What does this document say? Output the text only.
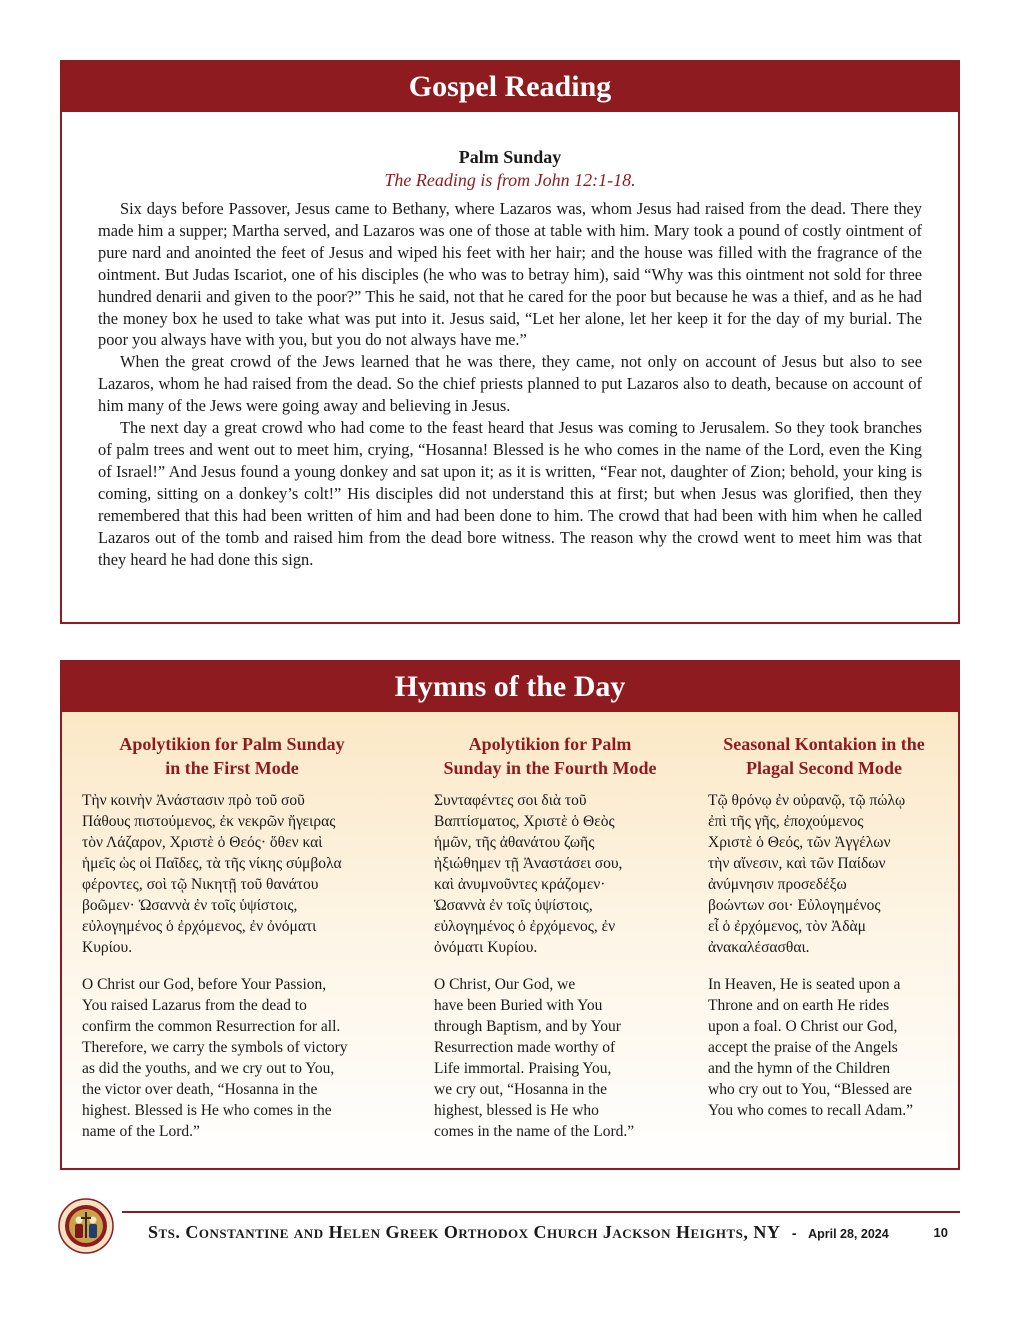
Gospel Reading
Palm Sunday
The Reading is from John 12:1-18.

Six days before Passover, Jesus came to Bethany, where Lazaros was, whom Jesus had raised from the dead. There they made him a supper; Martha served, and Lazaros was one of those at table with him. Mary took a pound of costly ointment of pure nard and anointed the feet of Jesus and wiped his feet with her hair; and the house was filled with the fragrance of the ointment. But Judas Iscariot, one of his disciples (he who was to betray him), said “Why was this ointment not sold for three hundred denarii and given to the poor?” This he said, not that he cared for the poor but because he was a thief, and as he had the money box he used to take what was put into it. Jesus said, “Let her alone, let her keep it for the day of my burial. The poor you always have with you, but you do not always have me.”

When the great crowd of the Jews learned that he was there, they came, not only on account of Jesus but also to see Lazaros, whom he had raised from the dead. So the chief priests planned to put Lazaros also to death, because on account of him many of the Jews were going away and believing in Jesus.

The next day a great crowd who had come to the feast heard that Jesus was coming to Jerusalem. So they took branches of palm trees and went out to meet him, crying, “Hosanna! Blessed is he who comes in the name of the Lord, even the King of Israel!” And Jesus found a young donkey and sat upon it; as it is written, “Fear not, daughter of Zion; behold, your king is coming, sitting on a donkey’s colt!” His disciples did not understand this at first; but when Jesus was glorified, then they remembered that this had been written of him and had been done to him. The crowd that had been with him when he called Lazaros out of the tomb and raised him from the dead bore witness. The reason why the crowd went to meet him was that they heard he had done this sign.

Hymns of the Day
Apolytikion for Palm Sunday
in the First Mode
Τὴν κοινὴν Ἀνάστασιν πρὸ τοῦ σοῦ
Πάθους πιστούμενος, ἐκ νεκρῶν ἤγειρας
τὸν Λάζαρον, Χριστὲ ὁ Θεός· ὅθεν καὶ
ἡμεῖς ὡς οἱ Παῖδες, τὰ τῆς νίκης σύμβολα
φέροντες, σοὶ τῷ Νικητῇ τοῦ θανάτου
βοῶμεν· Ὡσαννὰ ἐν τοῖς ὑψίστοις,
εὐλογημένος ὁ ἐρχόμενος, ἐν ὀνόματι
Κυρίου.
O Christ our God, before Your Passion,
You raised Lazarus from the dead to
confirm the common Resurrection for all.
Therefore, we carry the symbols of victory
as did the youths, and we cry out to You,
the victor over death, “Hosanna in the
highest. Blessed is He who comes in the
name of the Lord.”
Apolytikion for Palm
Sunday in the Fourth Mode
Συνταφέντες σοι διὰ τοῦ
Βαπτίσματος, Χριστὲ ὁ Θεὸς
ἡμῶν, τῆς ἀθανάτου ζωῆς
ἠξιώθημεν τῇ Ἀναστάσει σου,
καὶ ἀνυμνοῦντες κράζομεν·
Ὡσαννὰ ἐν τοῖς ὑψίστοις,
εὐλογημένος ὁ ἐρχόμενος, ἐν
ὀνόματι Κυρίου.
O Christ, Our God, we
have been Buried with You
through Baptism, and by Your
Resurrection made worthy of
Life immortal. Praising You,
we cry out, “Hosanna in the
highest, blessed is He who
comes in the name of the Lord.”
Seasonal Kontakion in the
Plagal Second Mode
Τῷ θρόνῳ ἐν οὐρανῷ, τῷ πώλῳ
ἐπὶ τῆς γῆς, ἐποχούμενος
Χριστὲ ὁ Θεός, τῶν Ἀγγέλων
τὴν αἴνεσιν, καὶ τῶν Παίδων
ἀνύμνησιν προσεδέξω
βοώντων σοι· Εὐλογημένος
εἶ ὁ ἐρχόμενος, τὸν Ἀδὰμ
ἀνακαλέσασθαι.
In Heaven, He is seated upon a
Throne and on earth He rides
upon a foal. O Christ our God,
accept the praise of the Angels
and the hymn of the Children
who cry out to You, “Blessed are
You who comes to recall Adam.”
Sts. Constantine and Helen Greek Orthodox Church Jackson Heights, NY - April 28, 2024	10
